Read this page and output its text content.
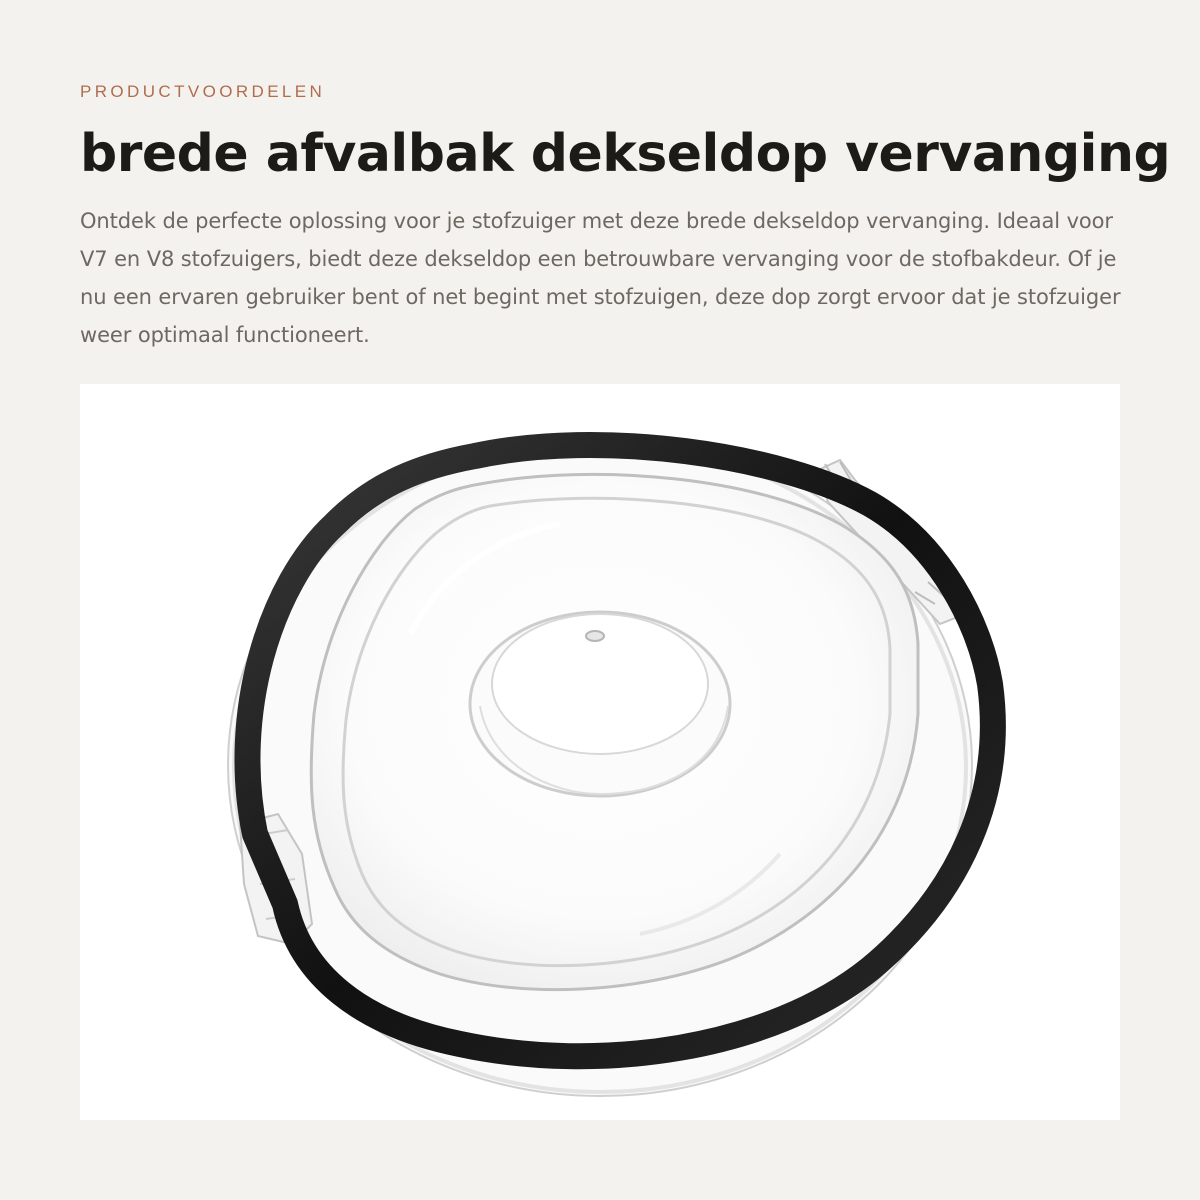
PRODUCTVOORDELEN
brede afvalbak dekseldop vervanging

Ontdek de perfecte oplossing voor je stofzuiger met deze brede dekseldop vervanging. Ideaal voor V7 en V8 stofzuigers, biedt deze dekseldop een betrouwbare vervanging voor de stofbakdeur. Of je nu een ervaren gebruiker bent of net begint met stofzuigen, deze dop zorgt ervoor dat je stofzuiger weer optimaal functioneert.
